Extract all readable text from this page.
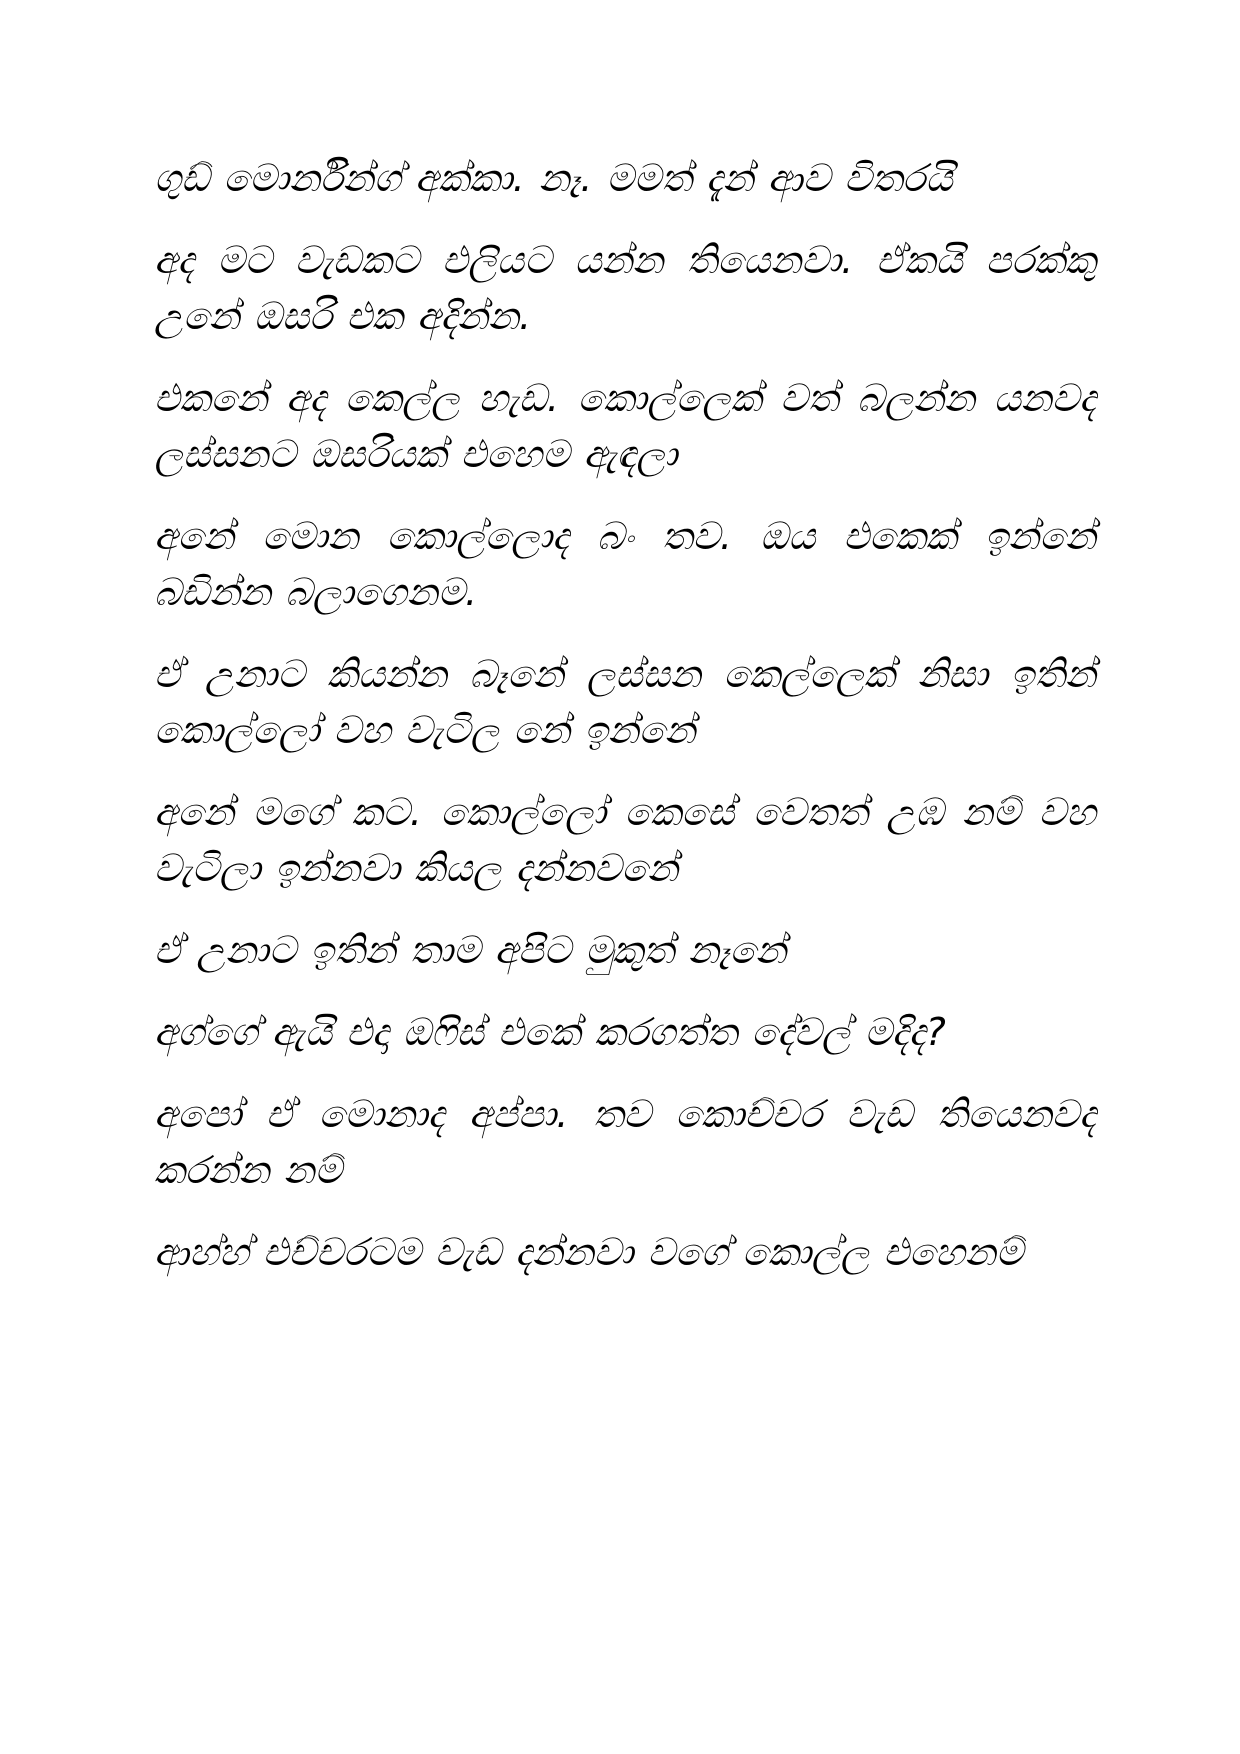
ගුඩ් මොර්නින්ග් අක්කා. නෑ. මමත් දැන් ආව විතරයි

අද මට වැඩකට එලියට යන්න තියෙනවා. ඒකයි පරක්කු උනේ ඔසරි එක අදින්න.

එකනේ අද කෙල්ල හැඩ. කොල්ලෙක් වත් බලන්න යනවද ලස්සනට ඔසරියක් එහෙම ඇඳලා

අනේ මොන කොල්ලොද බං තව. ඔය එකෙක් ඉන්නේ බඩින්න බලාගෙනම.

ඒ උනාට කියන්න බෑනේ ලස්සන කෙල්ලෙක් නිසා ඉතින් කොල්ලෝ වහ වැටිල නේ ඉන්නේ

අනේ මගේ කට. කොල්ලෝ කෙසේ වෙතත් උඹ නම් වහ වැටිලා ඉන්නවා කියල දන්නවනේ

ඒ උනාට ඉතින් තාම අපිට මුකුත් නෑනේ

අග්ගේ ඇයි එදා ඔෆිස් එකේ කරගත්ත දේවල් මදිද?

අපෝ ඒ මොනාද අප්පා. තව කොච්චර වැඩ තියෙනවද කරන්න නම්

ආහ්හ් එච්චරටම වැඩ දන්නවා වගේ කොල්ල එහෙනම්
